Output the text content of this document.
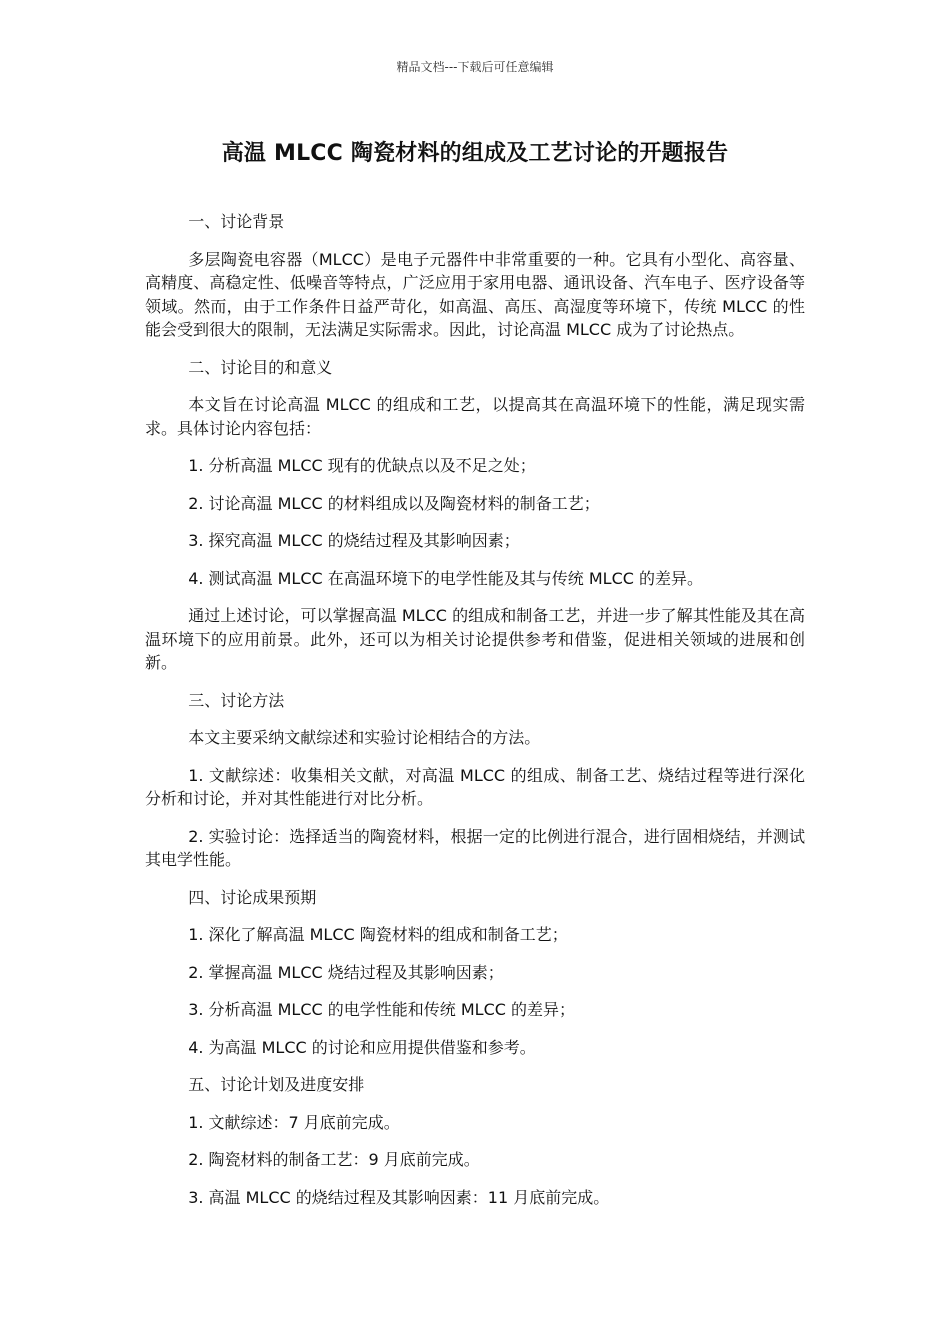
精品文档---下载后可任意编辑
高温 MLCC 陶瓷材料的组成及工艺讨论的开题报告

一、讨论背景

多层陶瓷电容器（MLCC）是电子元器件中非常重要的一种。它具有小型化、高容量、高精度、高稳定性、低噪音等特点，广泛应用于家用电器、通讯设备、汽车电子、医疗设备等领域。然而，由于工作条件日益严苛化，如高温、高压、高湿度等环境下，传统 MLCC 的性能会受到很大的限制，无法满足实际需求。因此，讨论高温 MLCC 成为了讨论热点。

二、讨论目的和意义

本文旨在讨论高温 MLCC 的组成和工艺，以提高其在高温环境下的性能，满足现实需求。具体讨论内容包括：

1. 分析高温 MLCC 现有的优缺点以及不足之处；

2. 讨论高温 MLCC 的材料组成以及陶瓷材料的制备工艺；

3. 探究高温 MLCC 的烧结过程及其影响因素；

4. 测试高温 MLCC 在高温环境下的电学性能及其与传统 MLCC 的差异。

通过上述讨论，可以掌握高温 MLCC 的组成和制备工艺，并进一步了解其性能及其在高温环境下的应用前景。此外，还可以为相关讨论提供参考和借鉴，促进相关领域的进展和创新。

三、讨论方法

本文主要采纳文献综述和实验讨论相结合的方法。

1. 文献综述：收集相关文献，对高温 MLCC 的组成、制备工艺、烧结过程等进行深化分析和讨论，并对其性能进行对比分析。

2. 实验讨论：选择适当的陶瓷材料，根据一定的比例进行混合，进行固相烧结，并测试其电学性能。

四、讨论成果预期

1. 深化了解高温 MLCC 陶瓷材料的组成和制备工艺；

2. 掌握高温 MLCC 烧结过程及其影响因素；

3. 分析高温 MLCC 的电学性能和传统 MLCC 的差异；

4. 为高温 MLCC 的讨论和应用提供借鉴和参考。

五、讨论计划及进度安排

1. 文献综述：7 月底前完成。

2. 陶瓷材料的制备工艺：9 月底前完成。

3. 高温 MLCC 的烧结过程及其影响因素：11 月底前完成。
